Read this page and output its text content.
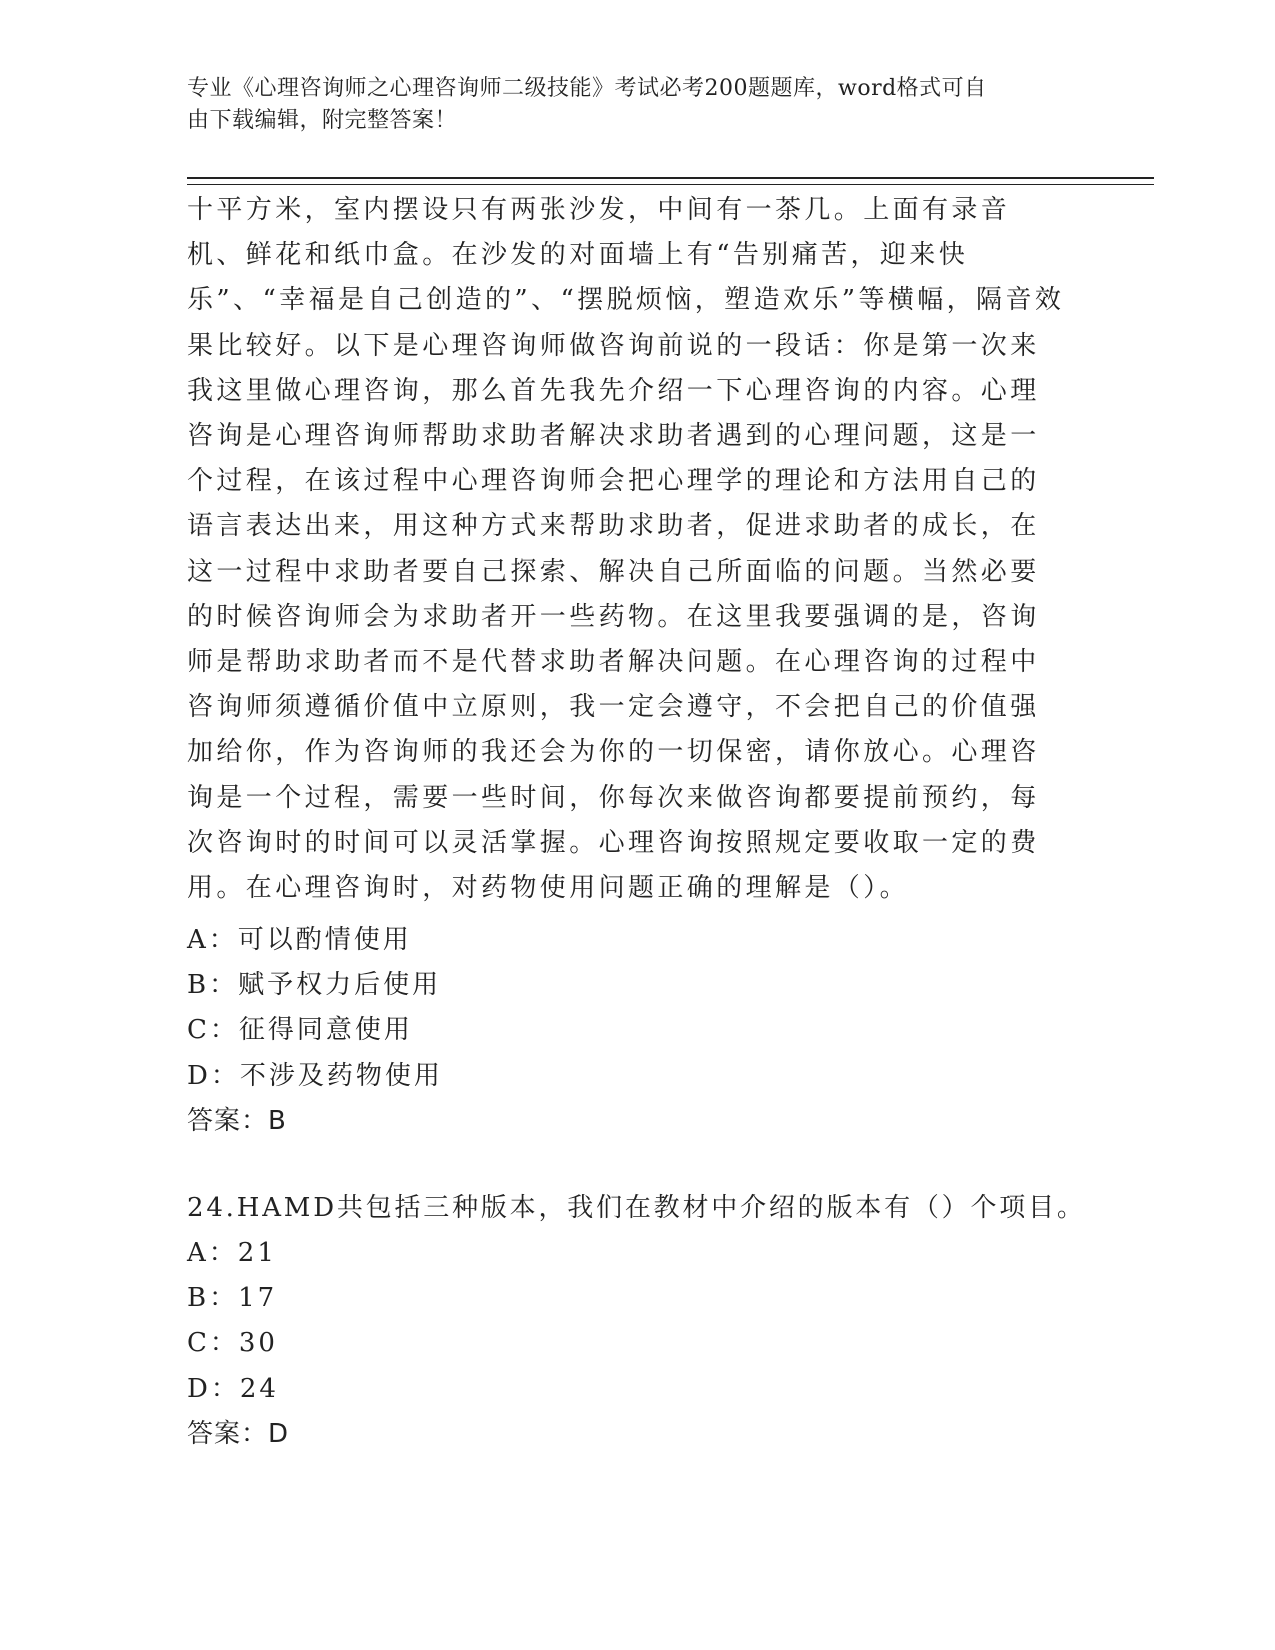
专业《心理咨询师之心理咨询师二级技能》考试必考200题题库，word格式可自
由下载编辑，附完整答案！
十平方米，室内摆设只有两张沙发，中间有一茶几。上面有录音机、鲜花和纸巾盒。在沙发的对面墙上有“告别痛苦，迎来快乐”、“幸福是自己创造的”、“摆脱烦恼，塑造欢乐”等横幅，隔音效果比较好。以下是心理咨询师做咨询前说的一段话：你是第一次来我这里做心理咨询，那么首先我先介绍一下心理咨询的内容。心理咨询是心理咨询师帮助求助者解决求助者遇到的心理问题，这是一个过程，在该过程中心理咨询师会把心理学的理论和方法用自己的语言表达出来，用这种方式来帮助求助者，促进求助者的成长，在这一过程中求助者要自己探索、解决自己所面临的问题。当然必要的时候咨询师会为求助者开一些药物。在这里我要强调的是，咨询师是帮助求助者而不是代替求助者解决问题。在心理咨询的过程中咨询师须遵循价值中立原则，我一定会遵守，不会把自己的价值强加给你，作为咨询师的我还会为你的一切保密，请你放心。心理咨询是一个过程，需要一些时间，你每次来做咨询都要提前预约，每次咨询时的时间可以灵活掌握。心理咨询按照规定要收取一定的费用。在心理咨询时，对药物使用问题正确的理解是（）。
A：可以酌情使用
B：赋予权力后使用
C：征得同意使用
D：不涉及药物使用
答案：B
24.HAMD共包括三种版本，我们在教材中介绍的版本有（）个项目。
A：21
B：17
C：30
D：24
答案：D
